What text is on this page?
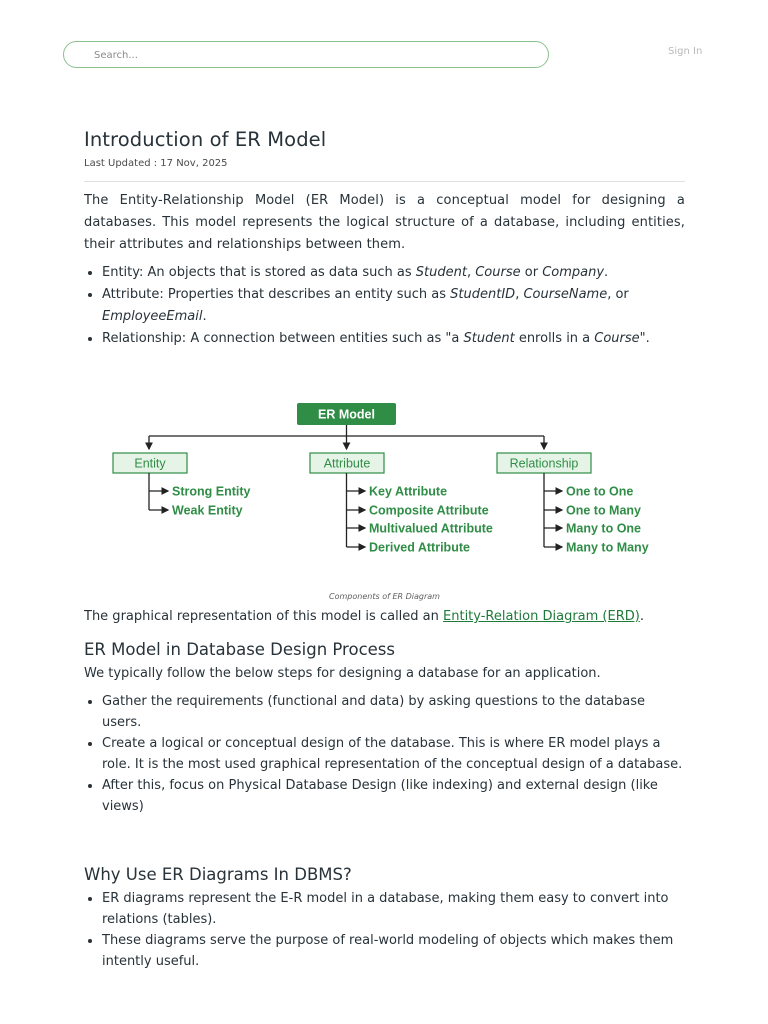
Search...
Sign In
Introduction of ER Model
Last Updated : 17 Nov, 2025

The Entity-Relationship Model (ER Model) is a conceptual model for designing a databases. This model represents the logical structure of a database, including entities, their attributes and relationships between them.

• Entity: An objects that is stored as data such as Student, Course or Company.
• Attribute: Properties that describes an entity such as StudentID, CourseName, or EmployeeEmail.
• Relationship: A connection between entities such as "a Student enrolls in a Course".
ER Model
Entity
Strong Entity
Weak Entity
Attribute
Key Attribute
Composite Attribute
Multivalued Attribute
Derived Attribute
Relationship
One to One
One to Many
Many to One
Many to Many
Components of ER Diagram

The graphical representation of this model is called an Entity-Relation Diagram (ERD).

ER Model in Database Design Process

We typically follow the below steps for designing a database for an application.

• Gather the requirements (functional and data) by asking questions to the database users.
• Create a logical or conceptual design of the database. This is where ER model plays a role. It is the most used graphical representation of the conceptual design of a database.
• After this, focus on Physical Database Design (like indexing) and external design (like views)
Why Use ER Diagrams In DBMS?
• ER diagrams represent the E-R model in a database, making them easy to convert into relations (tables).
• These diagrams serve the purpose of real-world modeling of objects which makes them intently useful.
